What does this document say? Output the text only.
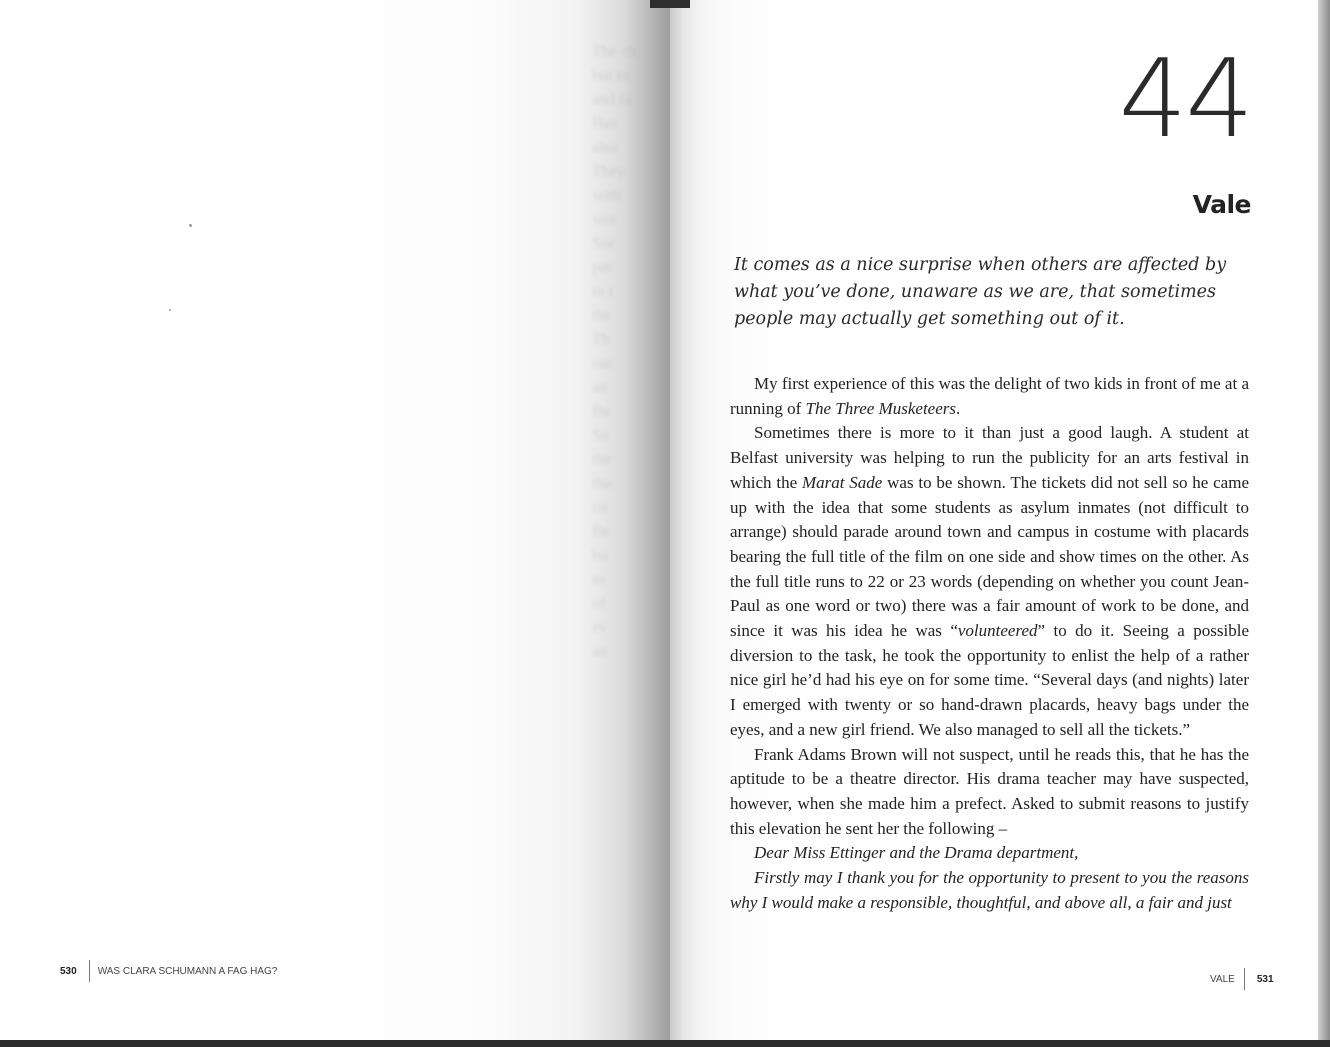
The ch
but m
and fa
Hav
also
They
with
wor
Sor
per
in t
the
Th
out
an
Bu
So
the
tha
co
Be
bu
m
of
ev
an
530 WAS CLARA SCHUMANN A FAG HAG?
44
Vale

It comes as a nice surprise when others are affected by what you’ve done, unaware as we are, that sometimes people may actually get something out of it.

My first experience of this was the delight of two kids in front of me at a running of The Three Musketeers.

Sometimes there is more to it than just a good laugh. A student at Belfast university was helping to run the publicity for an arts festival in which the Marat Sade was to be shown. The tickets did not sell so he came up with the idea that some students as asylum inmates (not difficult to arrange) should parade around town and campus in costume with placards bearing the full title of the film on one side and show times on the other. As the full title runs to 22 or 23 words (depending on whether you count Jean-Paul as one word or two) there was a fair amount of work to be done, and since it was his idea he was “volunteered” to do it. Seeing a possible diversion to the task, he took the opportunity to enlist the help of a rather nice girl he’d had his eye on for some time. “Several days (and nights) later I emerged with twenty or so hand-drawn placards, heavy bags under the eyes, and a new girl friend. We also managed to sell all the tickets.”

Frank Adams Brown will not suspect, until he reads this, that he has the aptitude to be a theatre director. His drama teacher may have suspected, however, when she made him a prefect. Asked to submit reasons to justify this elevation he sent her the following –

Dear Miss Ettinger and the Drama department,

Firstly may I thank you for the opportunity to present to you the reasons why I would make a responsible, thoughtful, and above all, a fair and just

VALE 531
